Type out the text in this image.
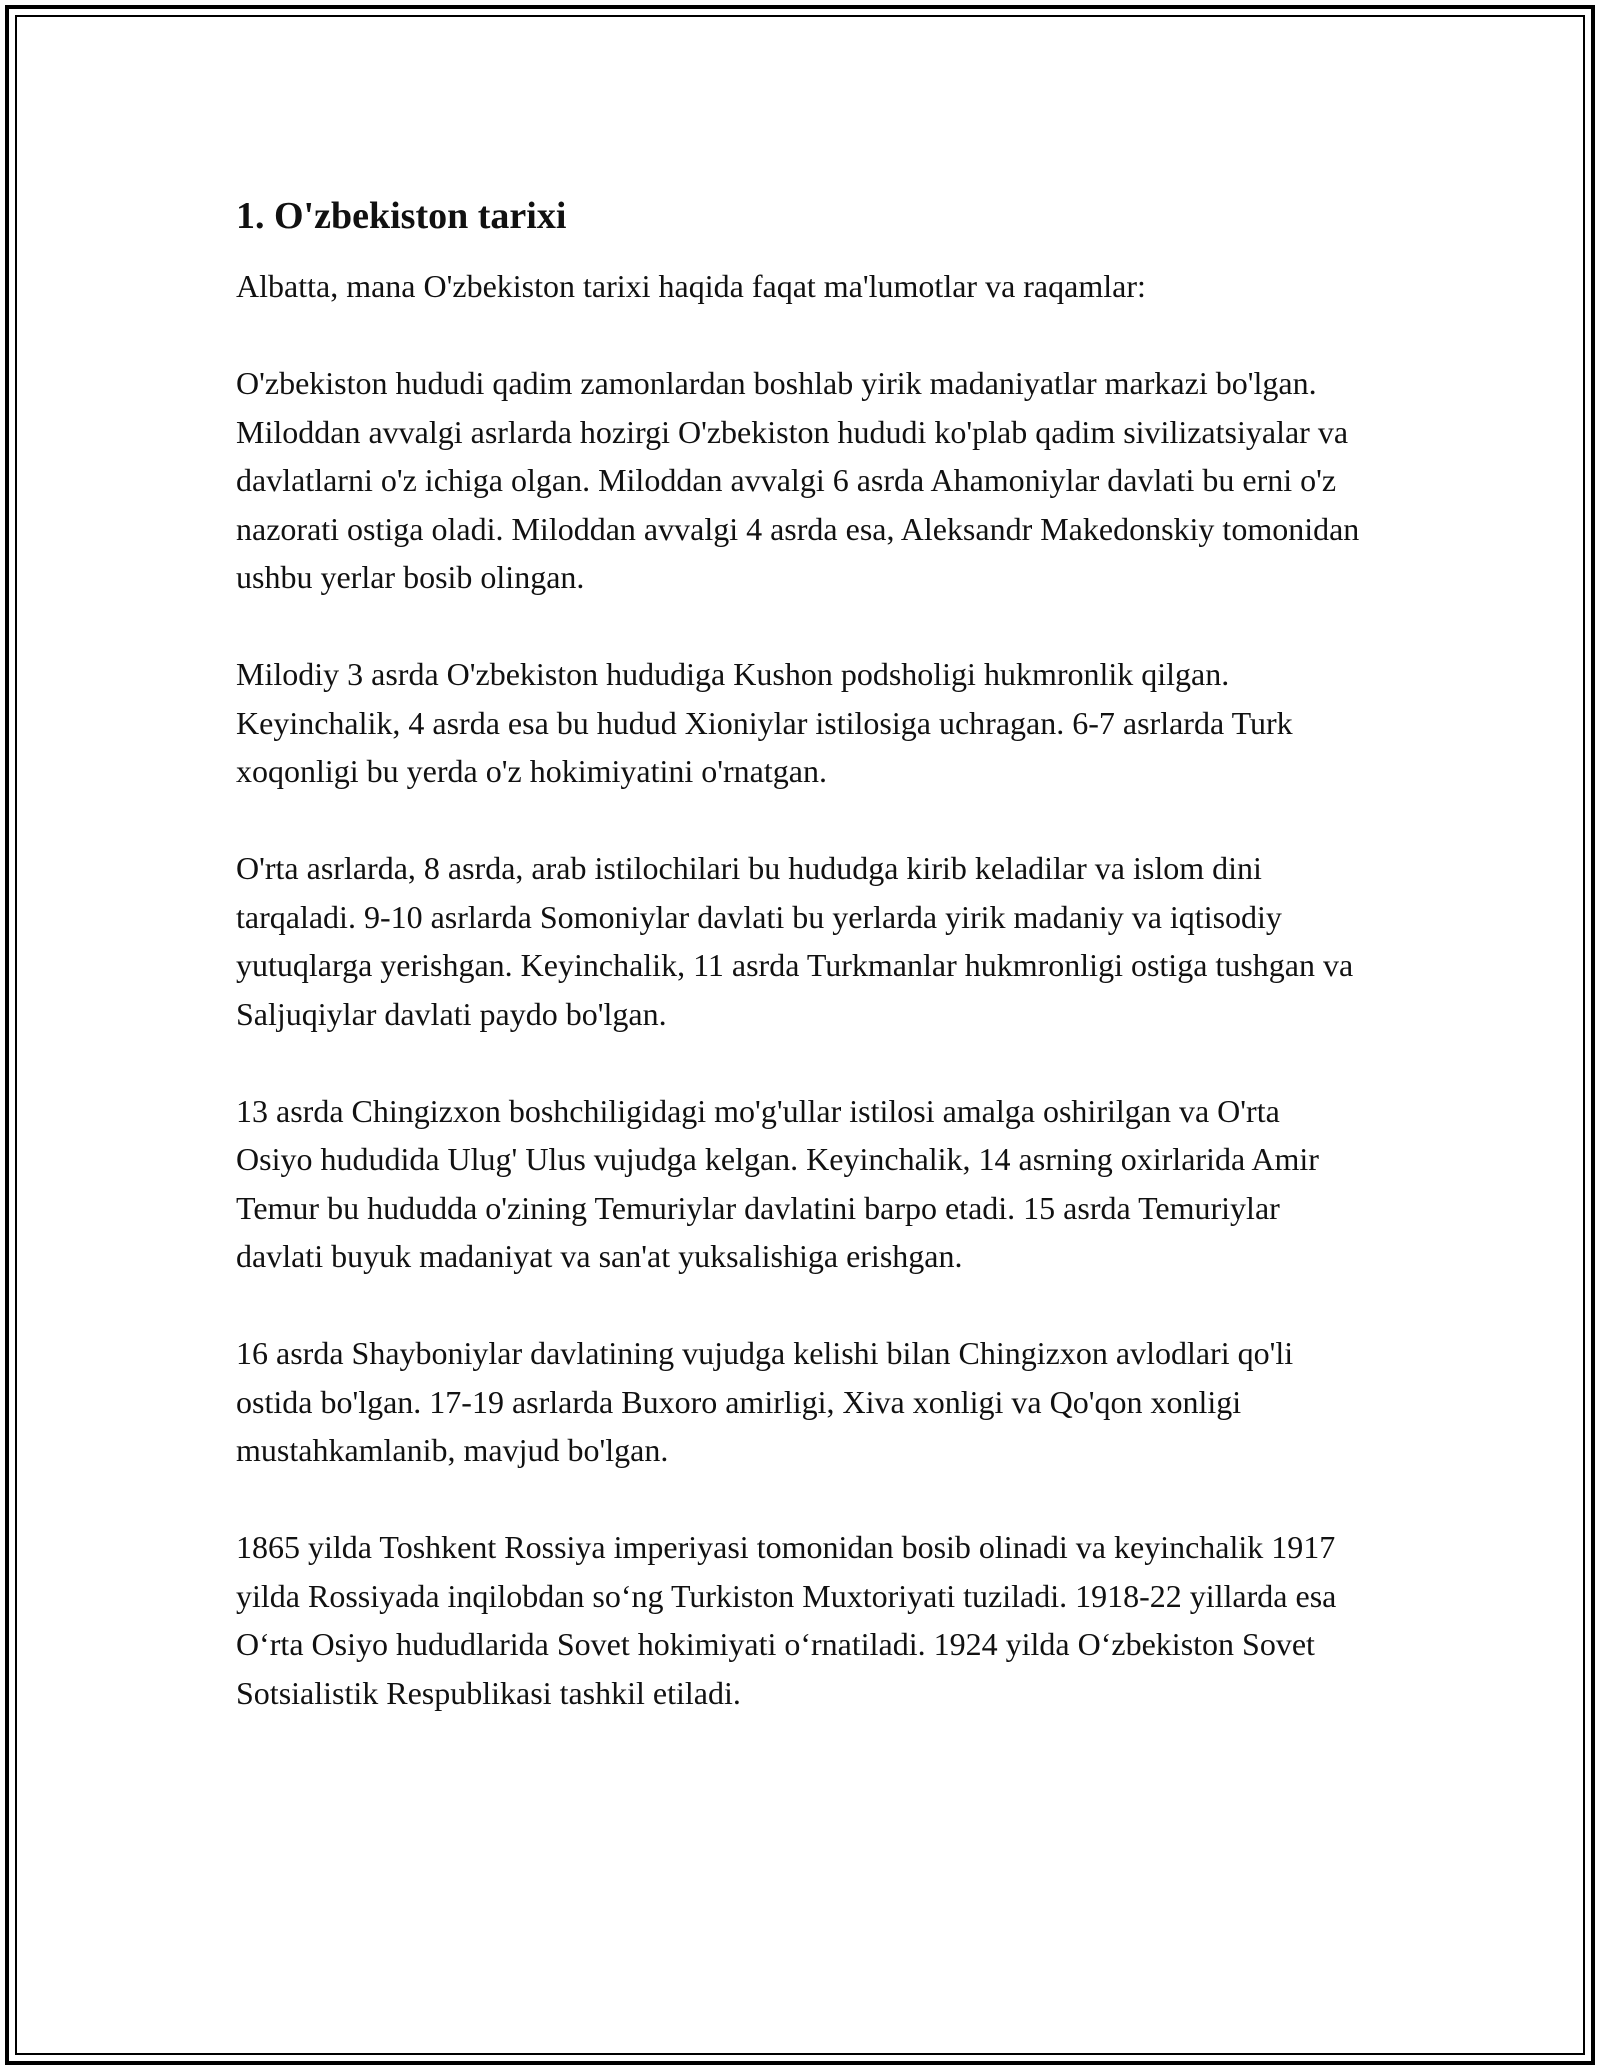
1. O'zbekiston tarixi

Albatta, mana O'zbekiston tarixi haqida faqat ma'lumotlar va raqamlar:

O'zbekiston hududi qadim zamonlardan boshlab yirik madaniyatlar markazi bo'lgan. Miloddan avvalgi asrlarda hozirgi O'zbekiston hududi ko'plab qadim sivilizatsiyalar va davlatlarni o'z ichiga olgan. Miloddan avvalgi 6 asrda Ahamoniylar davlati bu erni o'z nazorati ostiga oladi. Miloddan avvalgi 4 asrda esa, Aleksandr Makedonskiy tomonidan ushbu yerlar bosib olingan.

Milodiy 3 asrda O'zbekiston hududiga Kushon podsholigi hukmronlik qilgan. Keyinchalik, 4 asrda esa bu hudud Xioniylar istilosiga uchragan. 6-7 asrlarda Turk xoqonligi bu yerda o'z hokimiyatini o'rnatgan.

O'rta asrlarda, 8 asrda, arab istilochilari bu hududga kirib keladilar va islom dini tarqaladi. 9-10 asrlarda Somoniylar davlati bu yerlarda yirik madaniy va iqtisodiy yutuqlarga yerishgan. Keyinchalik, 11 asrda Turkmanlar hukmronligi ostiga tushgan va Saljuqiylar davlati paydo bo'lgan.

13 asrda Chingizxon boshchiligidagi mo'g'ullar istilosi amalga oshirilgan va O'rta Osiyo hududida Ulug' Ulus vujudga kelgan. Keyinchalik, 14 asrning oxirlarida Amir Temur bu hududda o'zining Temuriylar davlatini barpo etadi. 15 asrda Temuriylar davlati buyuk madaniyat va san'at yuksalishiga erishgan.

16 asrda Shayboniylar davlatining vujudga kelishi bilan Chingizxon avlodlari qo'li ostida bo'lgan. 17-19 asrlarda Buxoro amirligi, Xiva xonligi va Qo'qon xonligi mustahkamlanib, mavjud bo'lgan.

1865 yilda Toshkent Rossiya imperiyasi tomonidan bosib olinadi va keyinchalik 1917 yilda Rossiyada inqilobdan so‘ng Turkiston Muxtoriyati tuziladi. 1918-22 yillarda esa O‘rta Osiyo hududlarida Sovet hokimiyati o‘rnatiladi. 1924 yilda O‘zbekiston Sovet Sotsialistik Respublikasi tashkil etiladi.
